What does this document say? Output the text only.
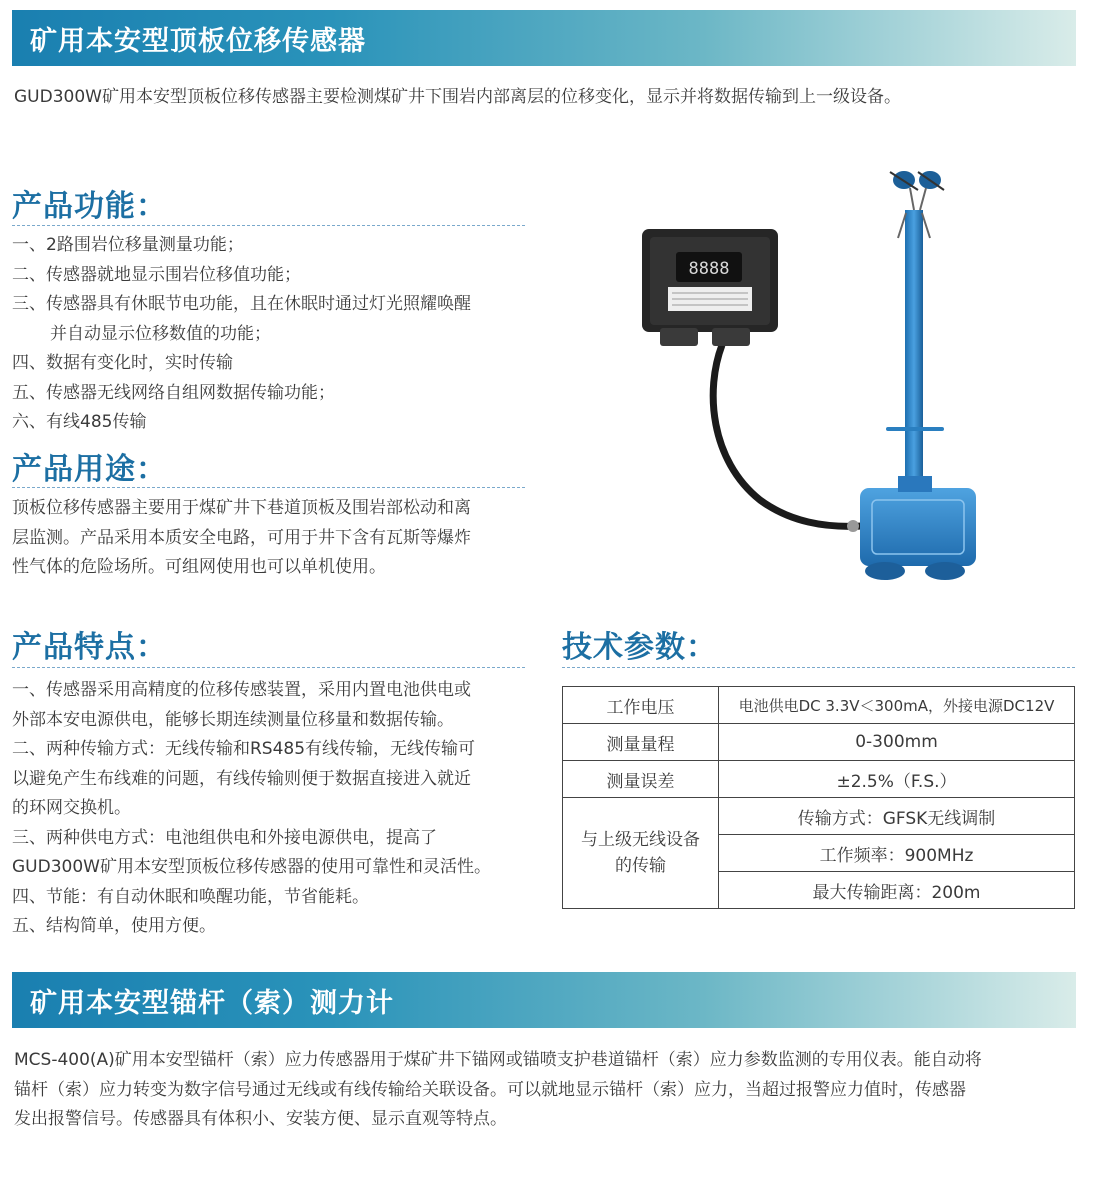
矿用本安型顶板位移传感器

GUD300W矿用本安型顶板位移传感器主要检测煤矿井下围岩内部离层的位移变化，显示并将数据传输到上一级设备。

产品功能：
一、2路围岩位移量测量功能；
二、传感器就地显示围岩位移值功能；
三、传感器具有休眠节电功能，且在休眠时通过灯光照耀唤醒
并自动显示位移数值的功能；
四、数据有变化时，实时传输
五、传感器无线网络自组网数据传输功能；
六、有线485传输
产品用途：
顶板位移传感器主要用于煤矿井下巷道顶板及围岩部松动和离
层监测。产品采用本质安全电路，可用于井下含有瓦斯等爆炸
性气体的危险场所。可组网使用也可以单机使用。
产品特点：
一、传感器采用高精度的位移传感装置，采用内置电池供电或
外部本安电源供电，能够长期连续测量位移量和数据传输。
二、两种传输方式：无线传输和RS485有线传输，无线传输可
以避免产生布线难的问题，有线传输则便于数据直接进入就近
的环网交换机。
三、两种供电方式：电池组供电和外接电源供电，提高了
GUD300W矿用本安型顶板位移传感器的使用可靠性和灵活性。
四、节能：有自动休眠和唤醒功能，节省能耗。
五、结构简单，使用方便。
技术参数：
工作电压	电池供电DC 3.3V＜300mA，外接电源DC12V
测量量程	0-300mm
测量误差	±2.5%（F.S.）

与上级无线设备
的传输	传输方式：GFSK无线调制
	工作频率：900MHz
	最大传输距离：200m
8888
矿用本安型锚杆（索）测力计
MCS-400(A)矿用本安型锚杆（索）应力传感器用于煤矿井下锚网或锚喷支护巷道锚杆（索）应力参数监测的专用仪表。能自动将
锚杆（索）应力转变为数字信号通过无线或有线传输给关联设备。可以就地显示锚杆（索）应力，当超过报警应力值时，传感器
发出报警信号。传感器具有体积小、安装方便、显示直观等特点。
